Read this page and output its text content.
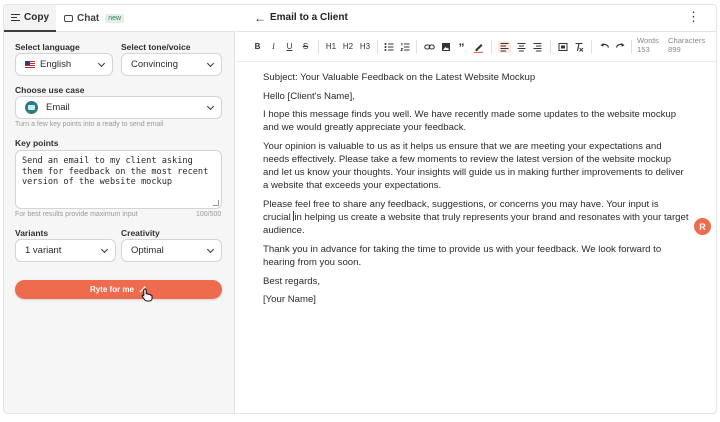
Copy	Chat	new
Select language
English
Select tone/voice
Convincing
Choose use case
Email
Turn a few key points into a ready to send email
Key points
Send an email to my client asking them for feedback on the most recent version of the website mockup
For best results provide maximum input	100/500
Variants
1 variant
Creativity
Optimal
Ryte for me
← Email to a Client	⋮
B	I	U S H1 H2 H3	”
Words
153
Characters
899

Subject: Your Valuable Feedback on the Latest Website Mockup

Hello [Client's Name],

I hope this message finds you well. We have recently made some updates to the website mockup and we would greatly appreciate your feedback.

Your opinion is valuable to us as it helps us ensure that we are meeting your expectations and needs effectively. Please take a few moments to review the latest version of the website mockup and let us know your thoughts. Your insights will guide us in making further improvements to deliver a website that exceeds your expectations.

Please feel free to share any feedback, suggestions, or concerns you may have. Your input is crucial in helping us create a website that truly represents your brand and resonates with your target audience.

Thank you in advance for taking the time to provide us with your feedback. We look forward to hearing from you soon.

Best regards,

[Your Name]

R
